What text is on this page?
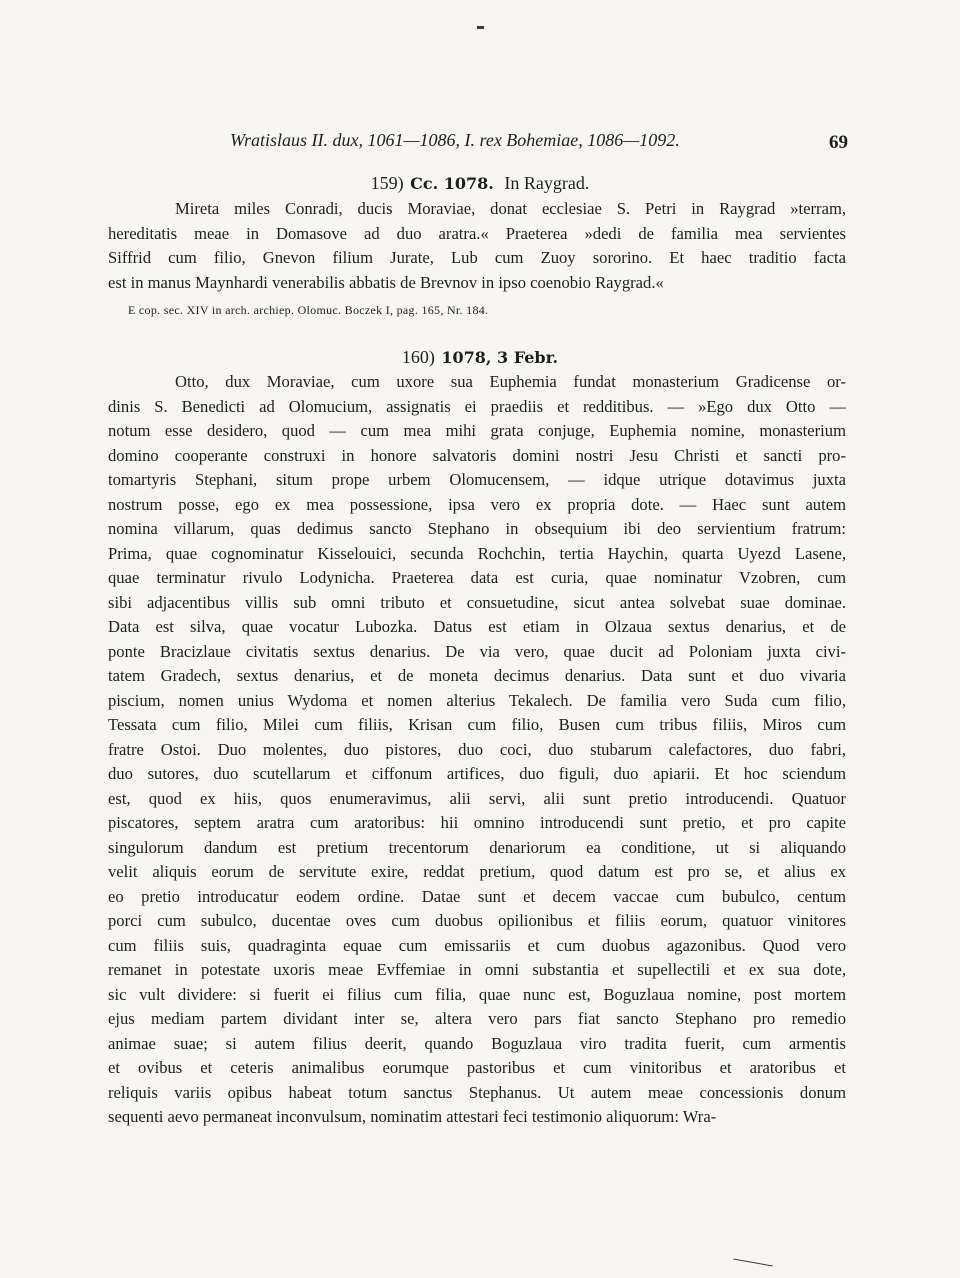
Wratislaus II. dux, 1061—1086, I. rex Bohemiae, 1086—1092.	69
159) Cc. 1078. In Raygrad.
Mireta miles Conradi, ducis Moraviae, donat ecclesiae S. Petri in Raygrad »terram,
hereditatis meae in Domasove ad duo aratra.« Praeterea »dedi de familia mea servientes
Siffrid cum filio, Gnevon filium Jurate, Lub cum Zuoy sororino. Et haec traditio facta
est in manus Maynhardi venerabilis abbatis de Brevnov in ipso coenobio Raygrad.«
E cop. sec. XIV in arch. archiep. Olomuc. Boczek I, pag. 165, Nr. 184.
160) 1078, 3 Febr.
Otto, dux Moraviae, cum uxore sua Euphemia fundat monasterium Gradicense or-
dinis S. Benedicti ad Olomucium, assignatis ei praediis et redditibus. — »Ego dux Otto —
notum esse desidero, quod — cum mea mihi grata conjuge, Euphemia nomine, monasterium
domino cooperante construxi in honore salvatoris domini nostri Jesu Christi et sancti pro-
tomartyris Stephani, situm prope urbem Olomucensem, — idque utrique dotavimus juxta
nostrum posse, ego ex mea possessione, ipsa vero ex propria dote. — Haec sunt autem
nomina villarum, quas dedimus sancto Stephano in obsequium ibi deo servientium fratrum:
Prima, quae cognominatur Kisselouici, secunda Rochchin, tertia Haychin, quarta Uyezd Lasene,
quae terminatur rivulo Lodynicha. Praeterea data est curia, quae nominatur Vzobren, cum
sibi adjacentibus villis sub omni tributo et consuetudine, sicut antea solvebat suae dominae.
Data est silva, quae vocatur Lubozka. Datus est etiam in Olzaua sextus denarius, et de
ponte Bracizlaue civitatis sextus denarius. De via vero, quae ducit ad Poloniam juxta civi-
tatem Gradech, sextus denarius, et de moneta decimus denarius. Data sunt et duo vivaria
piscium, nomen unius Wydoma et nomen alterius Tekalech. De familia vero Suda cum filio,
Tessata cum filio, Milei cum filiis, Krisan cum filio, Busen cum tribus filiis, Miros cum
fratre Ostoi. Duo molentes, duo pistores, duo coci, duo stubarum calefactores, duo fabri,
duo sutores, duo scutellarum et ciffonum artifices, duo figuli, duo apiarii. Et hoc sciendum
est, quod ex hiis, quos enumeravimus, alii servi, alii sunt pretio introducendi. Quatuor
piscatores, septem aratra cum aratoribus: hii omnino introducendi sunt pretio, et pro capite
singulorum dandum est pretium trecentorum denariorum ea conditione, ut si aliquando
velit aliquis eorum de servitute exire, reddat pretium, quod datum est pro se, et alius ex
eo pretio introducatur eodem ordine. Datae sunt et decem vaccae cum bubulco, centum
porci cum subulco, ducentae oves cum duobus opilionibus et filiis eorum, quatuor vinitores
cum filiis suis, quadraginta equae cum emissariis et cum duobus agazonibus. Quod vero
remanet in potestate uxoris meae Evffemiae in omni substantia et supellectili et ex sua dote,
sic vult dividere: si fuerit ei filius cum filia, quae nunc est, Boguzlaua nomine, post mortem
ejus mediam partem dividant inter se, altera vero pars fiat sancto Stephano pro remedio
animae suae; si autem filius deerit, quando Boguzlaua viro tradita fuerit, cum armentis
et ovibus et ceteris animalibus eorumque pastoribus et cum vinitoribus et aratoribus et
reliquis variis opibus habeat totum sanctus Stephanus. Ut autem meae concessionis donum
sequenti aevo permaneat inconvulsum, nominatim attestari feci testimonio aliquorum: Wra-
